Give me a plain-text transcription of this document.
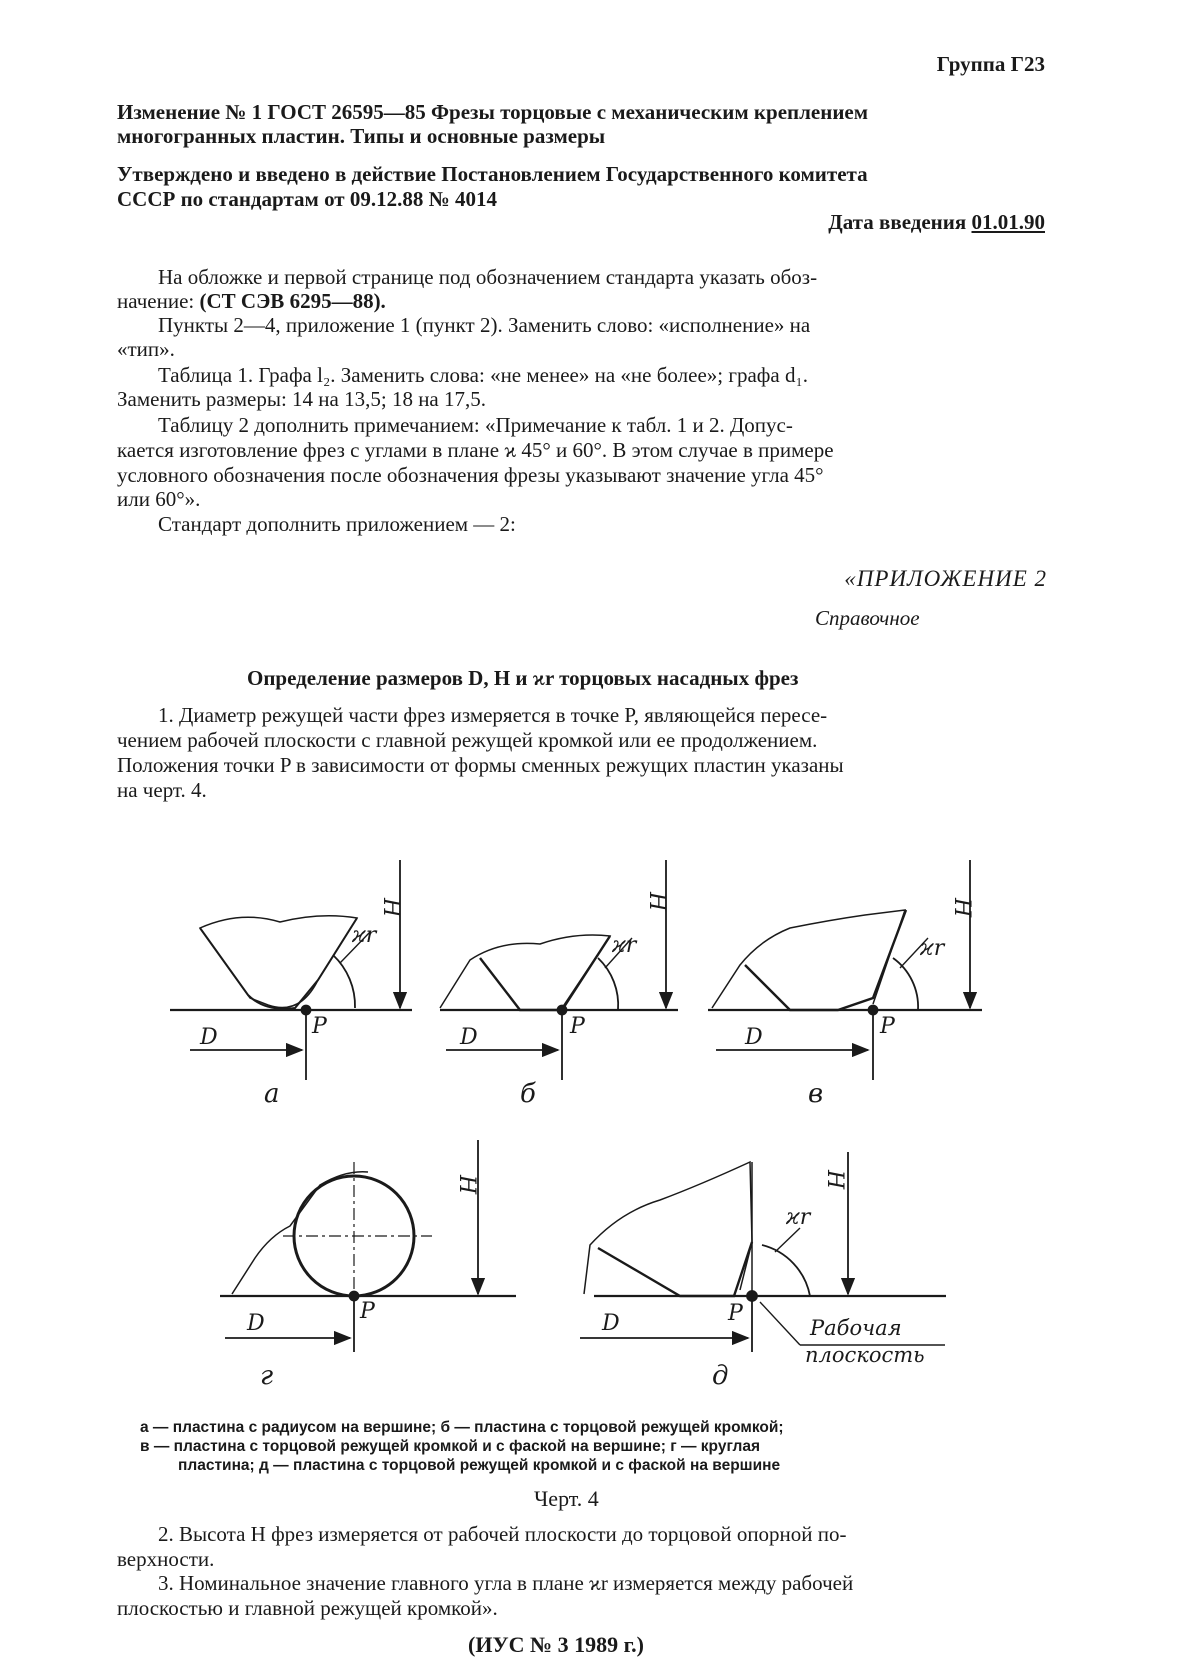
Группа Г23
Изменение № 1 ГОСТ 26595—85 Фрезы торцовые с механическим креплением
многогранных пластин. Типы и основные размеры
Утверждено и введено в действие Постановлением Государственного комитета
СССР по стандартам от 09.12.88 № 4014
Дата введения 01.01.90
На обложке и первой странице под обозначением стандарта указать обоз-
начение: (СТ СЭВ 6295—88).
Пункты 2—4, приложение 1 (пункт 2). Заменить слово: «исполнение» на
«тип».
Таблица 1. Графа l₂. Заменить слова: «не менее» на «не более»; графа d₁.
Заменить размеры: 14 на 13,5; 18 на 17,5.
Таблицу 2 дополнить примечанием: «Примечание к табл. 1 и 2. Допус-
кается изготовление фрез с углами в плане ϰ 45° и 60°. В этом случае в примере
условного обозначения после обозначения фрезы указывают значение угла 45°
или 60°».
Стандарт дополнить приложением — 2:
«ПРИЛОЖЕНИЕ 2
Справочное
Определение размеров D, H и ϰr торцовых насадных фрез
1. Диаметр режущей части фрез измеряется в точке P, являющейся пересе-
чением рабочей плоскости с главной режущей кромкой или ее продолжением.
Положения точки P в зависимости от формы сменных режущих пластин указаны
на черт. 4.
H	H	H
H	H
ϰr	ϰr	ϰr
ϰr
P	P	P
P	P
D	D	D
D	D
а	б	в
г	д
Рабочая
плоскость
а — пластина с радиусом на вершине; б — пластина с торцовой режущей кромкой;
в — пластина с торцовой режущей кромкой и с фаской на вершине; г — круглая
пластина; д — пластина с торцовой режущей кромкой и с фаской на вершине
Черт. 4
2. Высота H фрез измеряется от рабочей плоскости до торцовой опорной по-
верхности.
3. Номинальное значение главного угла в плане ϰr измеряется между рабочей
плоскостью и главной режущей кромкой».
(ИУС № 3 1989 г.)
